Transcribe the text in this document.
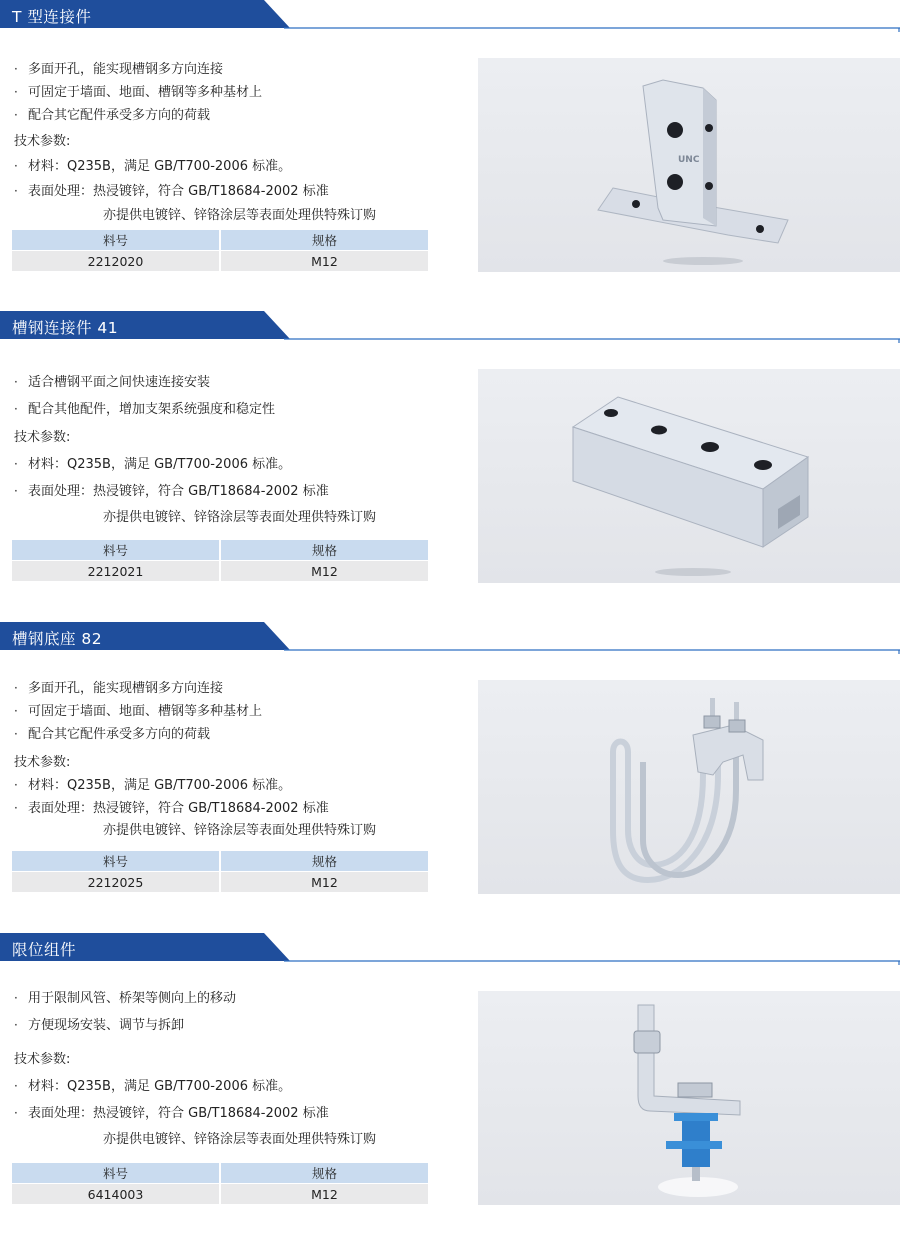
T 型连接件
· 多面开孔，能实现槽钢多方向连接
· 可固定于墙面、地面、槽钢等多种基材上
· 配合其它配件承受多方向的荷载
技术参数:
· 材料：Q235B，满足 GB/T700-2006 标准。
· 表面处理：热浸镀锌，符合 GB/T18684-2002 标准
亦提供电镀锌、锌铬涂层等表面处理供特殊订购
料号	规格
2212020	M12
UNC
槽钢连接件 41
· 适合槽钢平面之间快速连接安装
· 配合其他配件，增加支架系统强度和稳定性
技术参数:
· 材料：Q235B，满足 GB/T700-2006 标准。
· 表面处理：热浸镀锌，符合 GB/T18684-2002 标准
亦提供电镀锌、锌铬涂层等表面处理供特殊订购
料号	规格
2212021	M12
槽钢底座 82
· 多面开孔，能实现槽钢多方向连接
· 可固定于墙面、地面、槽钢等多种基材上
· 配合其它配件承受多方向的荷载
技术参数:
· 材料：Q235B，满足 GB/T700-2006 标准。
· 表面处理：热浸镀锌，符合 GB/T18684-2002 标准
亦提供电镀锌、锌铬涂层等表面处理供特殊订购
料号	规格
2212025	M12
限位组件
· 用于限制风管、桥架等侧向上的移动
· 方便现场安装、调节与拆卸
技术参数:
· 材料：Q235B，满足 GB/T700-2006 标准。
· 表面处理：热浸镀锌，符合 GB/T18684-2002 标准
亦提供电镀锌、锌铬涂层等表面处理供特殊订购
料号	规格
6414003	M12
